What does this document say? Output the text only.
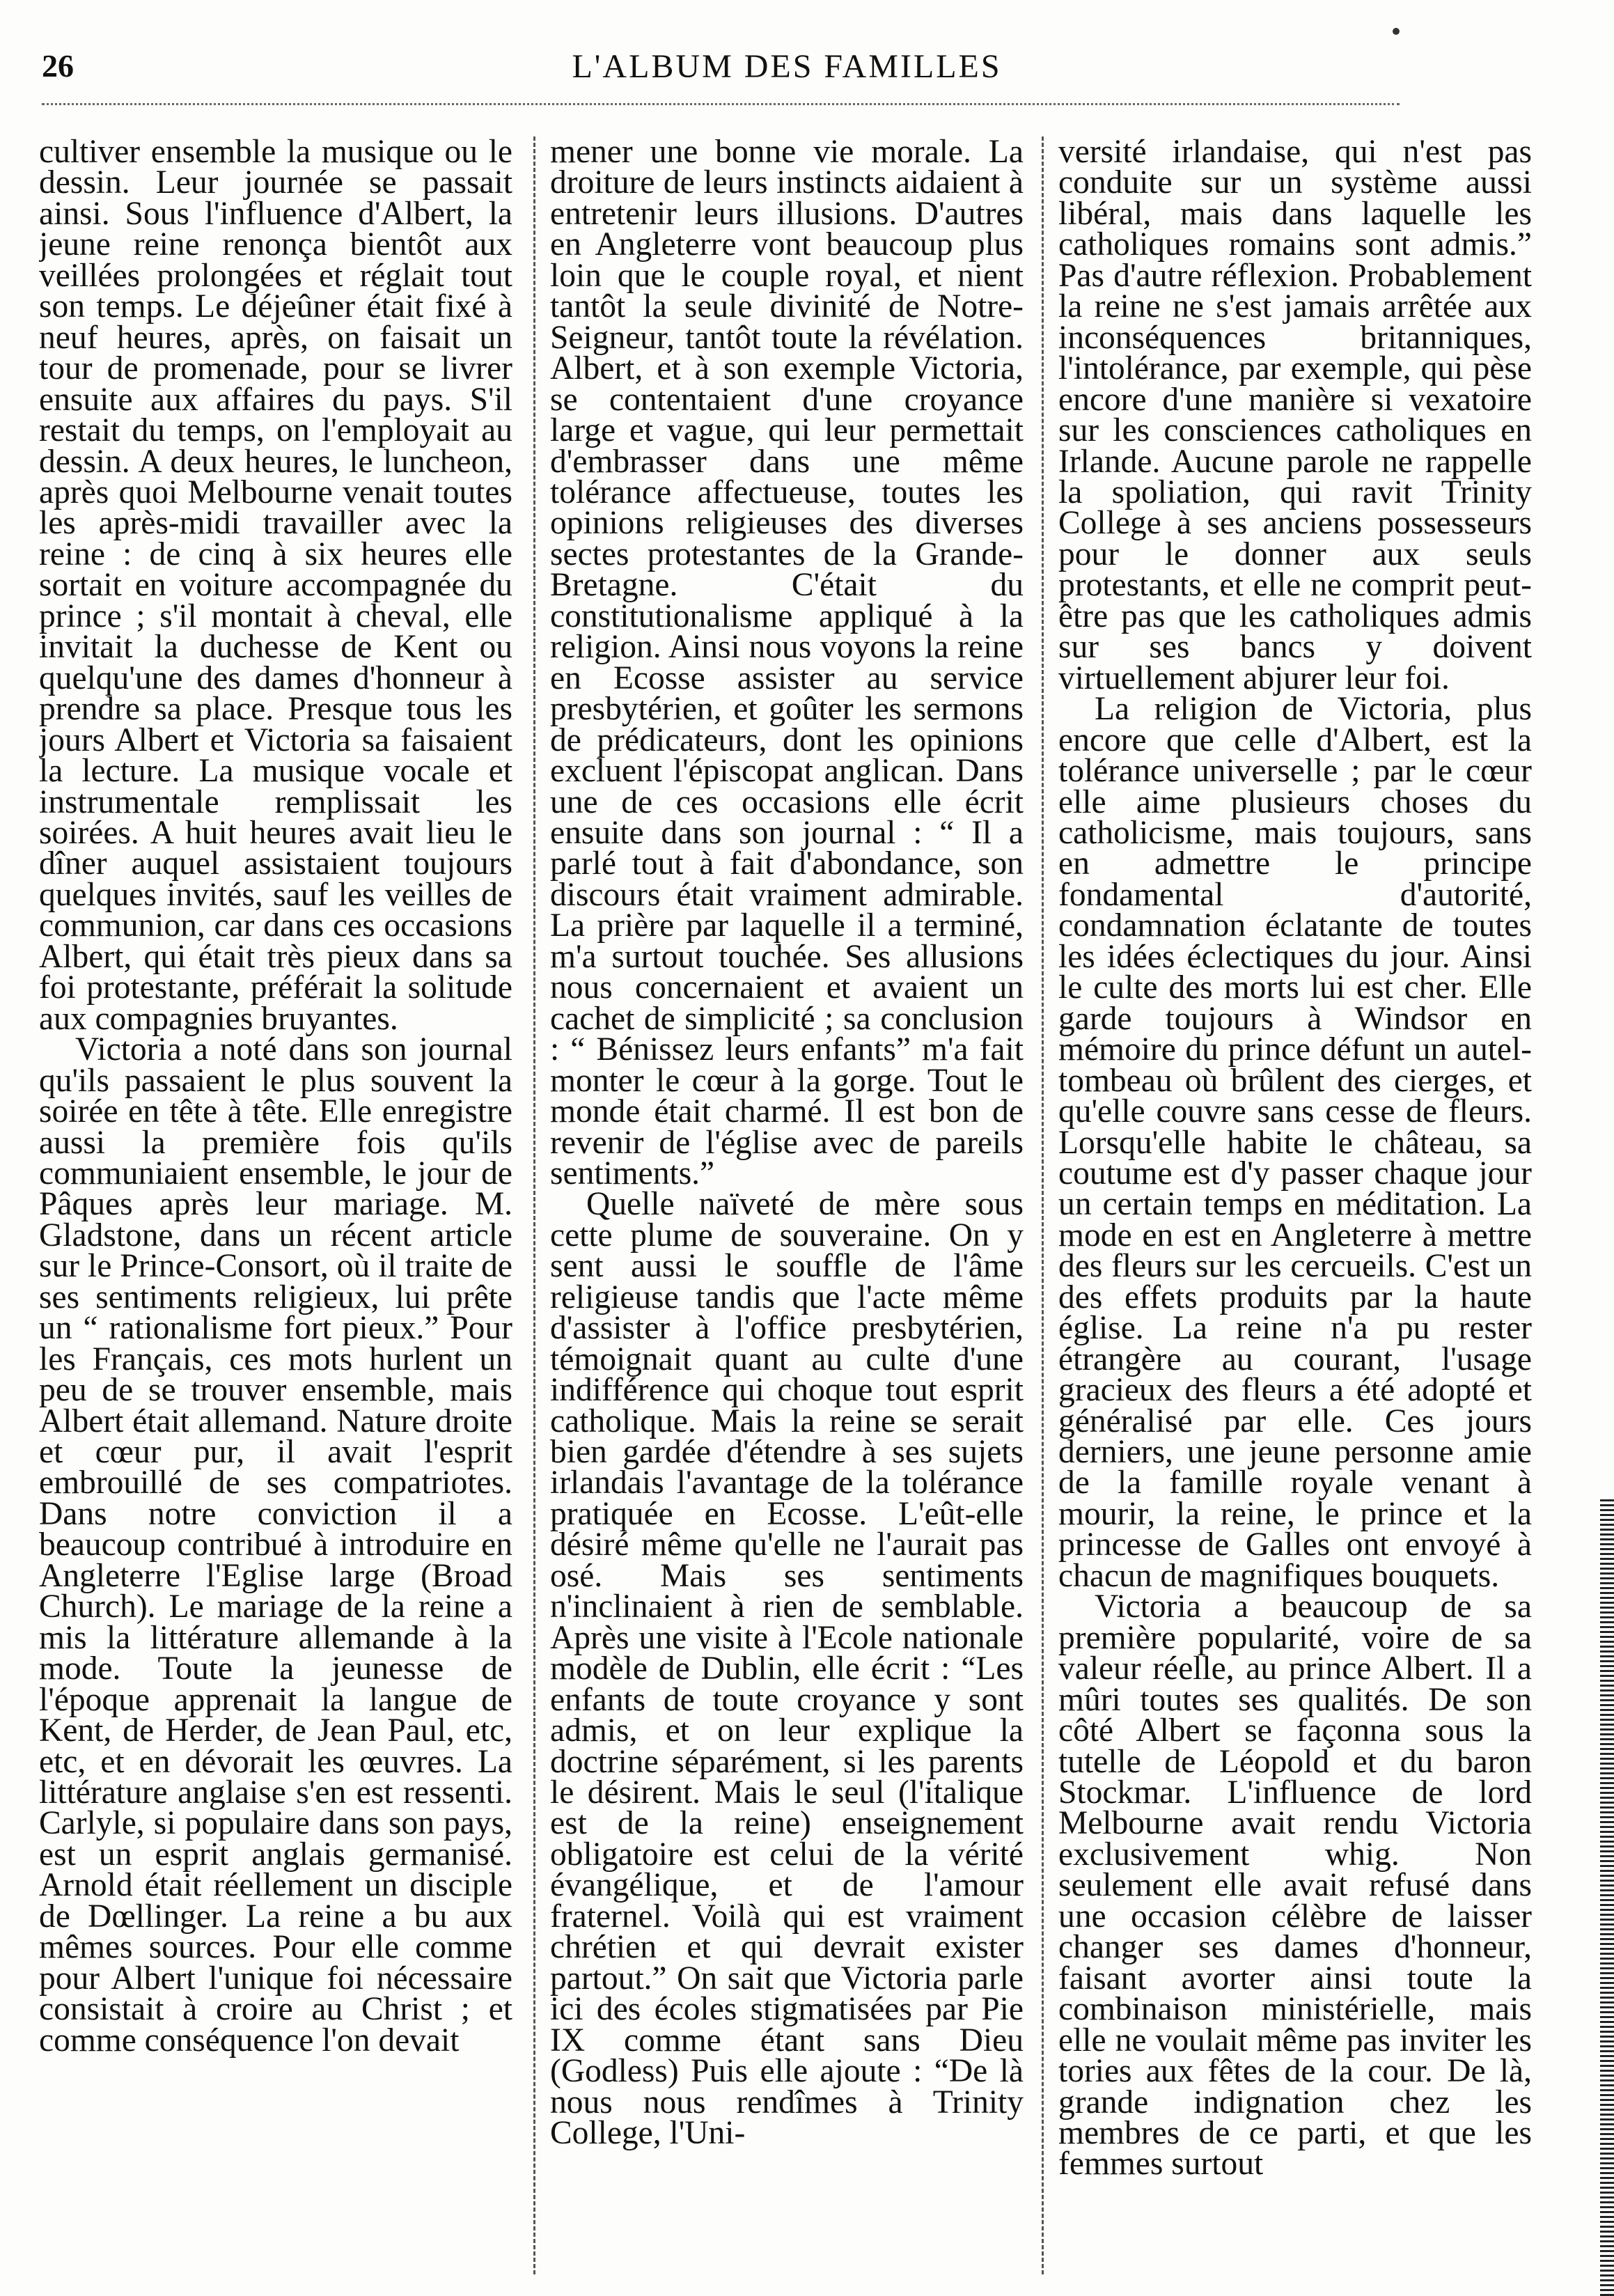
26	L'ALBUM DES FAMILLES

cultiver ensemble la musique ou le dessin. Leur journée se passait ainsi. Sous l'influence d'Albert, la jeune reine renonça bientôt aux veillées prolongées et réglait tout son temps. Le déjeûner était fixé à neuf heures, après, on faisait un tour de promenade, pour se livrer ensuite aux affaires du pays. S'il restait du temps, on l'employait au dessin. A deux heures, le luncheon, après quoi Melbourne venait toutes les après-midi travailler avec la reine : de cinq à six heures elle sortait en voiture accompagnée du prince ; s'il montait à cheval, elle invitait la duchesse de Kent ou quelqu'une des dames d'honneur à prendre sa place. Presque tous les jours Albert et Victoria sa faisaient la lecture. La musique vocale et instrumentale remplissait les soirées. A huit heures avait lieu le dîner auquel assistaient toujours quelques invités, sauf les veilles de communion, car dans ces occasions Albert, qui était très pieux dans sa foi protestante, préférait la solitude aux compagnies bruyantes.

Victoria a noté dans son journal qu'ils passaient le plus souvent la soirée en tête à tête. Elle enregistre aussi la première fois qu'ils communiaient ensemble, le jour de Pâques après leur mariage. M. Gladstone, dans un récent article sur le Prince-Consort, où il traite de ses sentiments religieux, lui prête un “ rationalisme fort pieux.” Pour les Français, ces mots hurlent un peu de se trouver ensemble, mais Albert était allemand. Nature droite et cœur pur, il avait l'esprit embrouillé de ses compatriotes. Dans notre conviction il a beaucoup contribué à introduire en Angleterre l'Eglise large (Broad Church). Le mariage de la reine a mis la littérature allemande à la mode. Toute la jeunesse de l'époque apprenait la langue de Kent, de Herder, de Jean Paul, etc, etc, et en dévorait les œuvres. La littérature anglaise s'en est ressenti. Carlyle, si populaire dans son pays, est un esprit anglais germanisé. Arnold était réellement un disciple de Dœllinger. La reine a bu aux mêmes sources. Pour elle comme pour Albert l'unique foi nécessaire consistait à croire au Christ ; et comme conséquence l'on devait

mener une bonne vie morale. La droiture de leurs instincts aidaient à entretenir leurs illusions. D'autres en Angleterre vont beaucoup plus loin que le couple royal, et nient tantôt la seule divinité de Notre-Seigneur, tantôt toute la révélation. Albert, et à son exemple Victoria, se contentaient d'une croyance large et vague, qui leur permettait d'embrasser dans une même tolérance affectueuse, toutes les opinions religieuses des diverses sectes protestantes de la Grande-Bretagne. C'était du constitutionalisme appliqué à la religion. Ainsi nous voyons la reine en Ecosse assister au service presbytérien, et goûter les sermons de prédicateurs, dont les opinions excluent l'épiscopat anglican. Dans une de ces occasions elle écrit ensuite dans son journal : “ Il a parlé tout à fait d'abondance, son discours était vraiment admirable. La prière par laquelle il a terminé, m'a surtout touchée. Ses allusions nous concernaient et avaient un cachet de simplicité ; sa conclusion : “ Bénissez leurs enfants” m'a fait monter le cœur à la gorge. Tout le monde était charmé. Il est bon de revenir de l'église avec de pareils sentiments.”

Quelle naïveté de mère sous cette plume de souveraine. On y sent aussi le souffle de l'âme religieuse tandis que l'acte même d'assister à l'office presbytérien, témoignait quant au culte d'une indifférence qui choque tout esprit catholique. Mais la reine se serait bien gardée d'étendre à ses sujets irlandais l'avantage de la tolérance pratiquée en Ecosse. L'eût-elle désiré même qu'elle ne l'aurait pas osé. Mais ses sentiments n'inclinaient à rien de semblable. Après une visite à l'Ecole nationale modèle de Dublin, elle écrit : “Les enfants de toute croyance y sont admis, et on leur explique la doctrine séparément, si les parents le désirent. Mais le seul (l'italique est de la reine) enseignement obligatoire est celui de la vérité évangélique, et de l'amour fraternel. Voilà qui est vraiment chrétien et qui devrait exister partout.” On sait que Victoria parle ici des écoles stigmatisées par Pie IX comme étant sans Dieu (Godless) Puis elle ajoute : “De là nous nous rendîmes à Trinity College, l'Uni-

versité irlandaise, qui n'est pas conduite sur un système aussi libéral, mais dans laquelle les catholiques romains sont admis.” Pas d'autre réflexion. Probablement la reine ne s'est jamais arrêtée aux inconséquences britanniques, l'intolérance, par exemple, qui pèse encore d'une manière si vexatoire sur les consciences catholiques en Irlande. Aucune parole ne rappelle la spoliation, qui ravit Trinity College à ses anciens possesseurs pour le donner aux seuls protestants, et elle ne comprit peut-être pas que les catholiques admis sur ses bancs y doivent virtuellement abjurer leur foi.

La religion de Victoria, plus encore que celle d'Albert, est la tolérance universelle ; par le cœur elle aime plusieurs choses du catholicisme, mais toujours, sans en admettre le principe fondamental d'autorité, condamnation éclatante de toutes les idées éclectiques du jour. Ainsi le culte des morts lui est cher. Elle garde toujours à Windsor en mémoire du prince défunt un autel-tombeau où brûlent des cierges, et qu'elle couvre sans cesse de fleurs. Lorsqu'elle habite le château, sa coutume est d'y passer chaque jour un certain temps en méditation. La mode en est en Angleterre à mettre des fleurs sur les cercueils. C'est un des effets produits par la haute église. La reine n'a pu rester étrangère au courant, l'usage gracieux des fleurs a été adopté et généralisé par elle. Ces jours derniers, une jeune personne amie de la famille royale venant à mourir, la reine, le prince et la princesse de Galles ont envoyé à chacun de magnifiques bouquets.

Victoria a beaucoup de sa première popularité, voire de sa valeur réelle, au prince Albert. Il a mûri toutes ses qualités. De son côté Albert se façonna sous la tutelle de Léopold et du baron Stockmar. L'influence de lord Melbourne avait rendu Victoria exclusivement whig. Non seulement elle avait refusé dans une occasion célèbre de laisser changer ses dames d'honneur, faisant avorter ainsi toute la combinaison ministérielle, mais elle ne voulait même pas inviter les tories aux fêtes de la cour. De là, grande indignation chez les membres de ce parti, et que les femmes surtout
